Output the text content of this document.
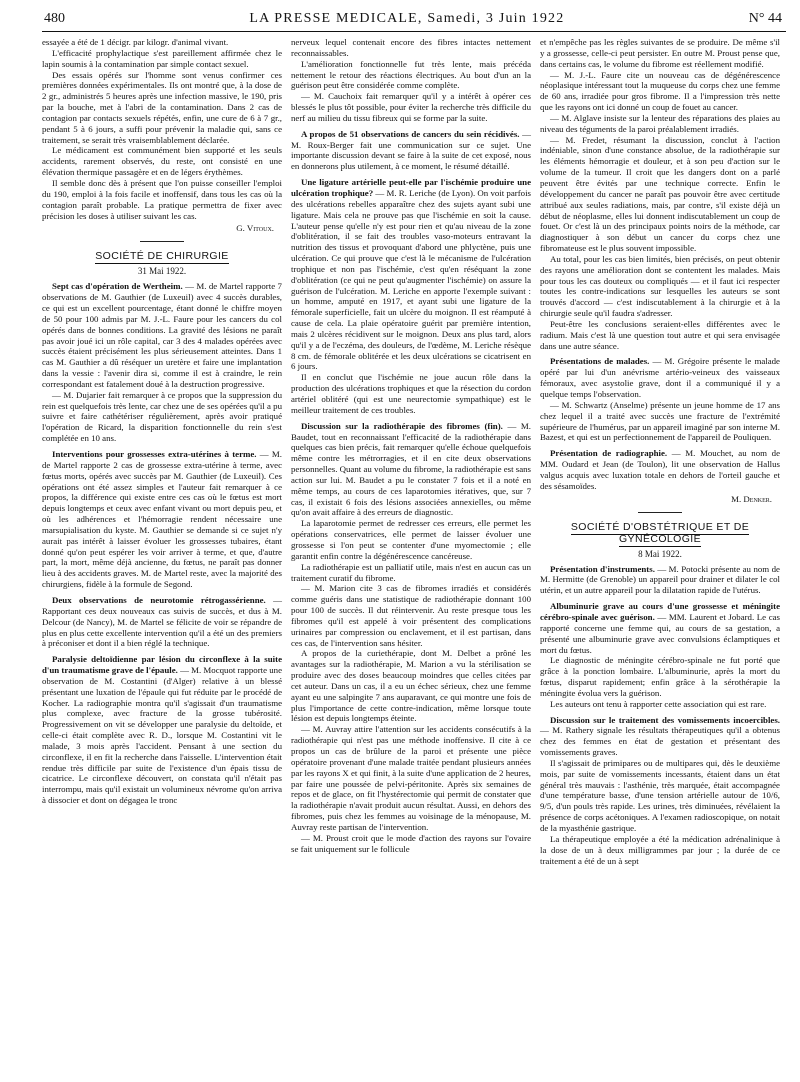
480	LA PRESSE MEDICALE, Samedi, 3 Juin 1922	N° 44

essayée a été de 1 décigr. par kilogr. d'animal vivant.

L'efficacité prophylactique s'est pareillement affirmée chez le lapin soumis à la contamination par simple contact sexuel.

Des essais opérés sur l'homme sont venus confirmer ces premières données expérimentales. Ils ont montré que, à la dose de 2 gr., administrés 5 heures après une infection massive, le 190, pris par la bouche, met à l'abri de la contamination. Dans 2 cas de contagion par contacts sexuels répétés, enfin, une cure de 6 à 7 gr., pendant 5 à 6 jours, a suffi pour prévenir la maladie qui, sans ce traitement, se serait très vraisemblablement déclarée.

Le médicament est communément bien supporté et les seuls accidents, rarement observés, du reste, ont consisté en une élévation thermique passagère et en de légers érythèmes.

Il semble donc dès à présent que l'on puisse conseiller l'emploi du 190, emploi à la fois facile et inoffensif, dans tous les cas où la contagion paraît probable. La pratique permettra de fixer avec précision les doses à utiliser suivant les cas.

G. Vitoux.
SOCIÉTÉ DE CHIRURGIE
31 Mai 1922.

Sept cas d'opération de Wertheim. — M. de Martel rapporte 7 observations de M. Gauthier (de Luxeuil) avec 4 succès durables, ce qui est un excellent pourcentage, étant donné le chiffre moyen de 50 pour 100 admis par M. J.-L. Faure pour les cancers du col opérés dans de bonnes conditions. La gravité des lésions ne paraît pas avoir joué ici un rôle capital, car 3 des 4 malades opérées avec succès étaient précisément les plus sérieusement atteintes. Dans 1 cas M. Gauthier a dû réséquer un uretère et faire une implantation dans la vessie : l'avenir dira si, comme il est à craindre, le rein correspondant est fatalement doué à la destruction progressive.

— M. Dujarier fait remarquer à ce propos que la suppression du rein est quelquefois très lente, car chez une de ses opérées qu'il a pu suivre et faire cathétériser régulièrement, après avoir pratiqué l'opération de Ricard, la disparition fonctionnelle du rein s'est complétée en 10 ans.

Interventions pour grossesses extra-utérines à terme. — M. de Martel rapporte 2 cas de grossesse extra-utérine à terme, avec fœtus morts, opérés avec succès par M. Gauthier (de Luxeuil). Ces opérations ont été assez simples et l'auteur fait remarquer à ce propos, la différence qui existe entre ces cas où le fœtus est mort depuis longtemps et ceux avec enfant vivant ou mort depuis peu, et où les adhérences et l'hémorragie rendent nécessaire une marsupialisation du kyste. M. Gauthier se demande si ce sujet n'y aurait pas intérêt à laisser évoluer les grossesses tubaires, étant donné qu'on peut espérer les voir arriver à terme, et que, d'autre part, la mort, même déjà ancienne, du fœtus, ne paraît pas donner lieu à des accidents graves. M. de Martel reste, avec la majorité des chirurgiens, fidèle à la formule de Segond.

Deux observations de neurotomie rétrogassérienne. — Rapportant ces deux nouveaux cas suivis de succès, et dus à M. Delcour (de Nancy), M. de Martel se félicite de voir se répandre de plus en plus cette excellente intervention qu'il a été un des premiers à préconiser et dont il a bien réglé la technique.

Paralysie deltoïdienne par lésion du circonflexe à la suite d'un traumatisme grave de l'épaule. — M. Mocquot rapporte une observation de M. Costantini (d'Alger) relative à un blessé présentant une luxation de l'épaule qui fut réduite par le procédé de Kocher. La radiographie montra qu'il s'agissait d'un traumatisme plus complexe, avec fracture de la grosse tubérosité. Progressivement on vit se développer une paralysie du deltoïde, et celle-ci était complète avec R. D., lorsque M. Costantini vit le malade, 3 mois après l'accident. Pensant à une section du circonflexe, il en fit la recherche dans l'aisselle. L'intervention était rendue très difficile par suite de l'existence d'un épais tissu de cicatrice. Le circonflexe découvert, on constata qu'il n'était pas interrompu, mais qu'il existait un volumineux névrome qu'on arriva à dissocier et dont on dégagea le tronc

nerveux lequel contenait encore des fibres intactes nettement reconnaissables.

L'amélioration fonctionnelle fut très lente, mais précéda nettement le retour des réactions électriques. Au bout d'un an la guérison peut être considérée comme complète.

— M. Cauchoix fait remarquer qu'il y a intérêt à opérer ces blessés le plus tôt possible, pour éviter la recherche très difficile du nerf au milieu du tissu fibreux qui se forme par la suite.

A propos de 51 observations de cancers du sein récidivés. — M. Roux-Berger fait une communication sur ce sujet. Une importante discussion devant se faire à la suite de cet exposé, nous en donnerons plus utilement, à ce moment, le résumé détaillé.

Une ligature artérielle peut-elle par l'ischémie produire une ulcération trophique? — M. R. Leriche (de Lyon). On voit parfois des ulcérations rebelles apparaître chez des sujets ayant subi une ligature. Mais cela ne prouve pas que l'ischémie en soit la cause. L'auteur pense qu'elle n'y est pour rien et qu'au niveau de la zone d'oblitération, il se fait des troubles vaso-moteurs entravant la nutrition des tissus et provoquant d'abord une phlyctène, puis une ulcération. Ce qui prouve que c'est là le mécanisme de l'ulcération trophique et non pas l'ischémie, c'est qu'en réséquant la zone d'oblitération (ce qui ne peut qu'augmenter l'ischémie) on assure la guérison de l'ulcération. M. Leriche en apporte l'exemple suivant : un homme, amputé en 1917, et ayant subi une ligature de la fémorale superficielle, fait un ulcère du moignon. Il est réamputé à cause de cela. La plaie opératoire guérit par première intention, mais 2 ulcères récidivent sur le moignon. Deux ans plus tard, alors qu'il y a de l'eczéma, des douleurs, de l'œdème, M. Leriche résèque 8 cm. de fémorale oblitérée et les deux ulcérations se cicatrisent en 6 jours.

Il en conclut que l'ischémie ne joue aucun rôle dans la production des ulcérations trophiques et que la résection du cordon artériel oblitéré (qui est une neurectomie sympathique) est le meilleur traitement de ces troubles.

Discussion sur la radiothérapie des fibromes (fin). — M. Baudet, tout en reconnaissant l'efficacité de la radiothérapie dans quelques cas bien précis, fait remarquer qu'elle échoue quelquefois même contre les métrorragies, et il en cite deux observations personnelles. Quant au volume du fibrome, la radiothérapie est sans action sur lui. M. Baudet a pu le constater 7 fois et il a noté en même temps, au cours de ces laparotomies itératives, que, sur 7 cas, il existait 6 fois des lésions associées annexielles, ou même qu'on avait affaire à des erreurs de diagnostic.

La laparotomie permet de redresser ces erreurs, elle permet les opérations conservatrices, elle permet de laisser évoluer une grossesse si l'on peut se contenter d'une myomectomie ; elle garantit enfin contre la dégénérescence cancéreuse.

La radiothérapie est un palliatif utile, mais n'est en aucun cas un traitement curatif du fibrome.

— M. Marion cite 3 cas de fibromes irradiés et considérés comme guéris dans une statistique de radiothérapie donnant 100 pour 100 de succès. Il dut réintervenir. Au reste presque tous les fibromes qu'il est appelé à voir présentent des complications urinaires par compression ou enclavement, et il est partisan, dans ces cas, de l'intervention sans hésiter.

A propos de la curiethérapie, dont M. Delbet a prôné les avantages sur la radiothérapie, M. Marion a vu la stérilisation se produire avec des doses beaucoup moindres que celles citées par cet auteur. Dans un cas, il a eu un échec sérieux, chez une femme ayant eu une salpingite 7 ans auparavant, ce qui montre une fois de plus l'importance de cette contre-indication, même lorsque toute lésion est depuis longtemps éteinte.

— M. Auvray attire l'attention sur les accidents consécutifs à la radiothérapie qui n'est pas une méthode inoffensive. Il cite à ce propos un cas de brûlure de la paroi et présente une pièce opératoire provenant d'une malade traitée pendant plusieurs années par les rayons X et qui finit, à la suite d'une application de 2 heures, par faire une poussée de pelvi-péritonite. Après six semaines de repos et de glace, on fit l'hystérectomie qui permit de constater que la radiothérapie n'avait produit aucun résultat. Aussi, en dehors des fibromes, puis chez les femmes au voisinage de la ménopause, M. Auvray reste partisan de l'intervention.

— M. Proust croit que le mode d'action des rayons sur l'ovaire se fait uniquement sur le follicule

et n'empêche pas les règles suivantes de se produire. De même s'il y a grossesse, celle-ci peut persister. En outre M. Proust pense que, dans certains cas, le volume du fibrome est réellement modifié.

— M. J.-L. Faure cite un nouveau cas de dégénérescence néoplasique intéressant tout la muqueuse du corps chez une femme de 60 ans, irradiée pour gros fibrome. Il a l'impression très nette que les rayons ont ici donné un coup de fouet au cancer.

— M. Alglave insiste sur la lenteur des réparations des plaies au niveau des téguments de la paroi préalablement irradiés.

— M. Fredet, résumant la discussion, conclut à l'action indéniable, sinon d'une constance absolue, de la radiothérapie sur les éléments hémorragie et douleur, et à son peu d'action sur le volume de la tumeur. Il croit que les dangers dont on a parlé peuvent être évités par une technique correcte. Enfin le développement du cancer ne paraît pas pouvoir être avec certitude attribué aux seules radiations, mais, par contre, s'il existe déjà un début de néoplasme, elles lui donnent indiscutablement un coup de fouet. Or c'est là un des principaux points noirs de la méthode, car diagnostiquer à son début un cancer du corps chez une fibromateuse est le plus souvent impossible.

Au total, pour les cas bien limités, bien précisés, on peut obtenir des rayons une amélioration dont se contentent les malades. Mais pour tous les cas douteux ou compliqués — et il faut ici respecter toutes les contre-indications sur lesquelles les auteurs se sont trouvés d'accord — c'est indiscutablement à la chirurgie et à la chirurgie seule qu'il faudra s'adresser.

Peut-être les conclusions seraient-elles différentes avec le radium. Mais c'est là une question tout autre et qui sera envisagée dans une autre séance.

Présentations de malades. — M. Grégoire présente le malade opéré par lui d'un anévrisme artério-veineux des vaisseaux fémoraux, avec asystolie grave, dont il a communiqué il y a quelque temps l'observation.

— M. Schwartz (Anselme) présente un jeune homme de 17 ans chez lequel il a traité avec succès une fracture de l'extrémité supérieure de l'humérus, par un appareil imaginé par son interne M. Bazest, et qui est un perfectionnement de l'appareil de Pouliquen.

Présentation de radiographie. — M. Mouchet, au nom de MM. Oudard et Jean (de Toulon), lit une observation de Hallus valgus acquis avec luxation totale en dehors de l'orteil gauche et des sésamoïdes.

M. Denker.
SOCIÉTÉ D'OBSTÉTRIQUE ET DE GYNÉCOLOGIE
8 Mai 1922.

Présentation d'instruments. — M. Potocki présente au nom de M. Hermitte (de Grenoble) un appareil pour drainer et dilater le col utérin, et un autre appareil pour la dilatation rapide de l'utérus.

Albuminurie grave au cours d'une grossesse et méningite cérébro-spinale avec guérison. — MM. Laurent et Jobard. Le cas rapporté concerne une femme qui, au cours de sa gestation, a présenté une albuminurie grave avec convulsions éclamptiques et mort du fœtus.

Le diagnostic de méningite cérébro-spinale ne fut porté que grâce à la ponction lombaire. L'albuminurie, après la mort du fœtus, disparut rapidement; enfin grâce à la sérothérapie la méningite évolua vers la guérison.

Les auteurs ont tenu à rapporter cette association qui est rare.

Discussion sur le traitement des vomissements incoercibles. — M. Rathery signale les résultats thérapeutiques qu'il a obtenus chez des femmes en état de gestation et présentant des vomissements graves.

Il s'agissait de primipares ou de multipares qui, dès le deuxième mois, par suite de vomissements incessants, étaient dans un état général très mauvais : l'asthénie, très marquée, était accompagnée d'une température basse, d'une tension artérielle autour de 10/6, 9/5, d'un pouls très rapide. Les urines, très diminuées, révélaient la présence de corps acétoniques. A l'examen radioscopique, on notait de la myasthénie gastrique.

La thérapeutique employée a été la médication adrénalinique à la dose de un à deux milligrammes par jour ; la durée de ce traitement a été de un à sept
